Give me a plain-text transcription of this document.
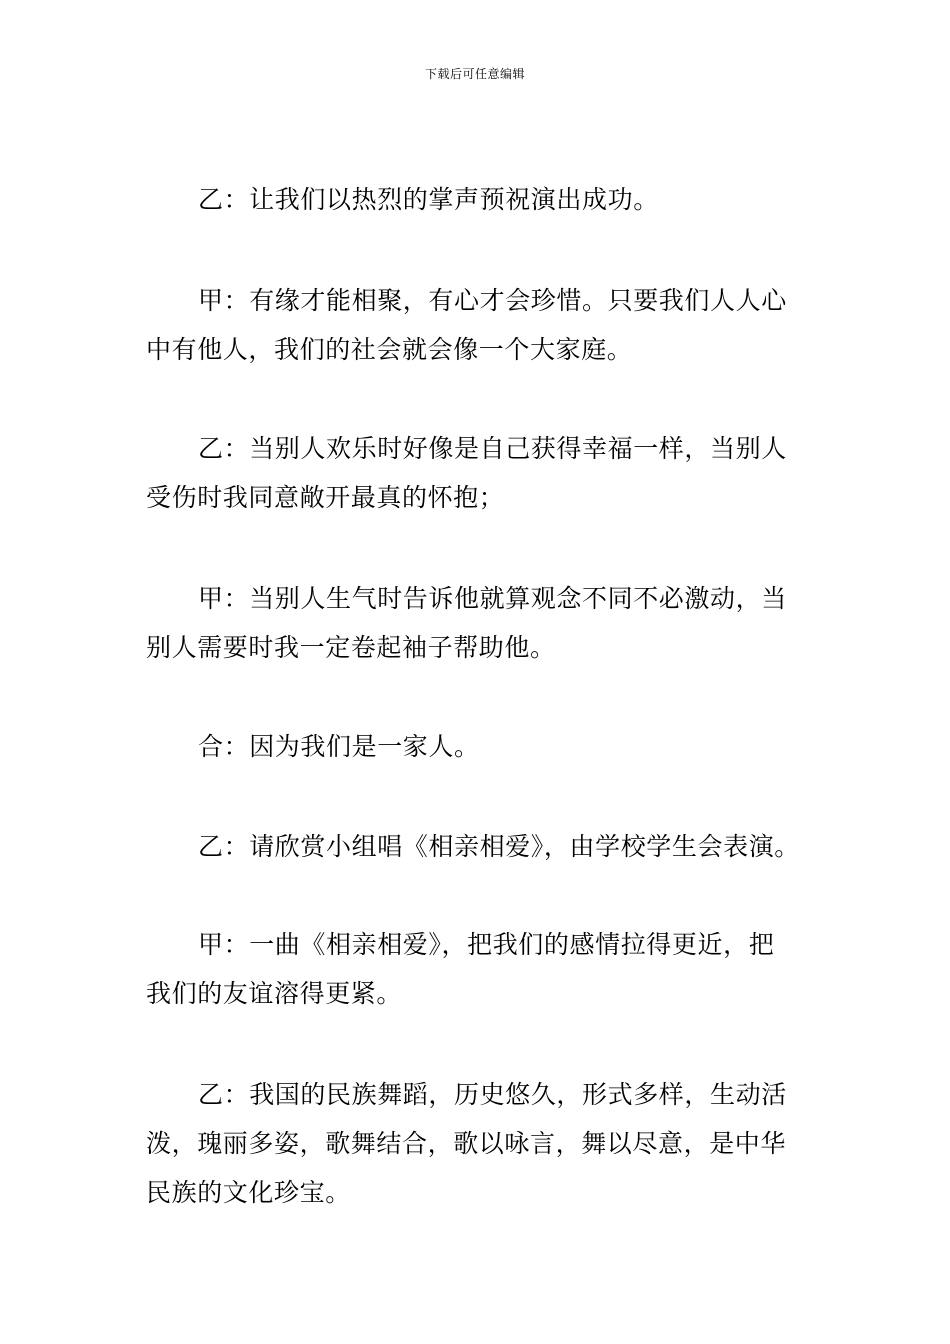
下载后可任意编辑
乙：让我们以热烈的掌声预祝演出成功。
甲：有缘才能相聚，有心才会珍惜。只要我们人人心
中有他人，我们的社会就会像一个大家庭。
乙：当别人欢乐时好像是自己获得幸福一样，当别人
受伤时我同意敞开最真的怀抱；
甲：当别人生气时告诉他就算观念不同不必激动，当
别人需要时我一定卷起袖子帮助他。
合：因为我们是一家人。
乙：请欣赏小组唱《相亲相爱》，由学校学生会表演。
甲：一曲《相亲相爱》，把我们的感情拉得更近，把
我们的友谊溶得更紧。
乙：我国的民族舞蹈，历史悠久，形式多样，生动活
泼，瑰丽多姿，歌舞结合，歌以咏言，舞以尽意，是中华
民族的文化珍宝。
